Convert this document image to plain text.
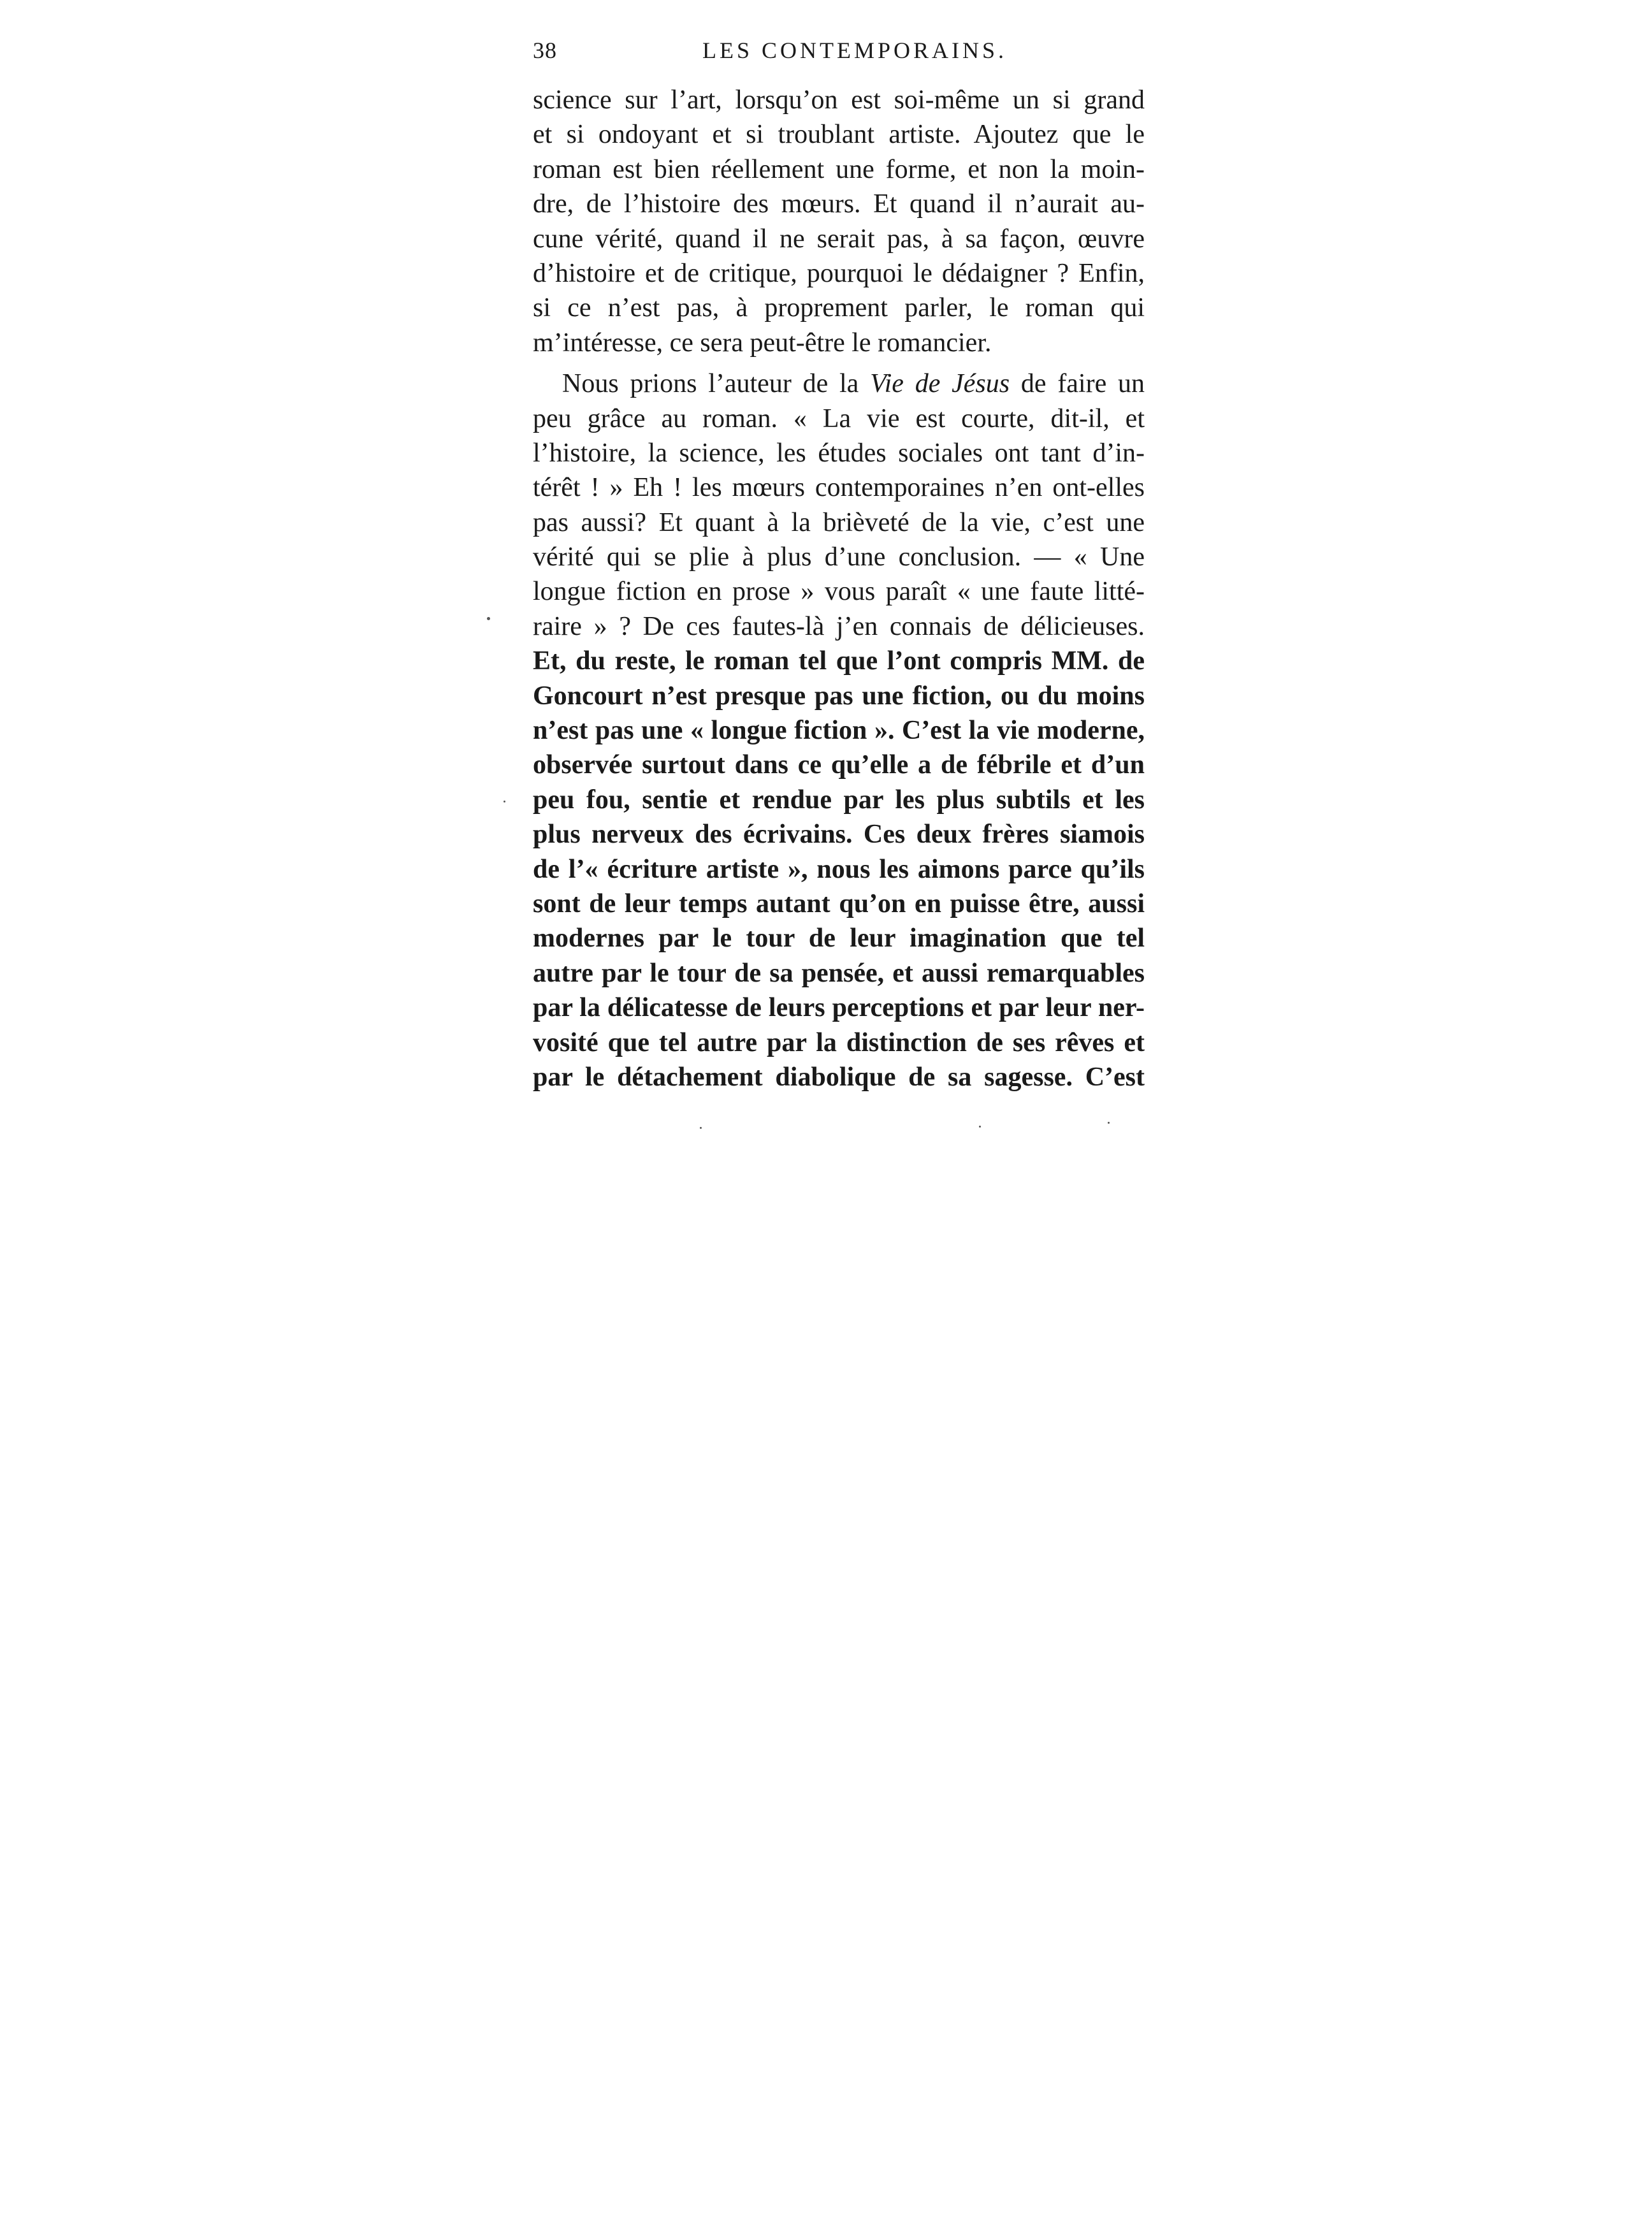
38	LES CONTEMPORAINS.
science sur l’art, lorsqu’on est soi-même un si grand
et si ondoyant et si troublant artiste. Ajoutez que le
roman est bien réellement une forme, et non la moin-
dre, de l’histoire des mœurs. Et quand il n’aurait au-
cune vérité, quand il ne serait pas, à sa façon, œuvre
d’histoire et de critique, pourquoi le dédaigner ? Enfin,
si ce n’est pas, à proprement parler, le roman qui
m’intéresse, ce sera peut-être le romancier.
Nous prions l’auteur de la Vie de Jésus de faire un
peu grâce au roman. « La vie est courte, dit-il, et
l’histoire, la science, les études sociales ont tant d’in-
térêt ! » Eh ! les mœurs contemporaines n’en ont-elles
pas aussi? Et quant à la brièveté de la vie, c’est une
vérité qui se plie à plus d’une conclusion. — « Une
longue fiction en prose » vous paraît « une faute litté-
raire » ? De ces fautes-là j’en connais de délicieuses.
Et, du reste, le roman tel que l’ont compris MM. de
Goncourt n’est presque pas une fiction, ou du moins
n’est pas une « longue fiction ». C’est la vie moderne,
observée surtout dans ce qu’elle a de fébrile et d’un
peu fou, sentie et rendue par les plus subtils et les
plus nerveux des écrivains. Ces deux frères siamois
de l’« écriture artiste », nous les aimons parce qu’ils
sont de leur temps autant qu’on en puisse être, aussi
modernes par le tour de leur imagination que tel
autre par le tour de sa pensée, et aussi remarquables
par la délicatesse de leurs perceptions et par leur ner-
vosité que tel autre par la distinction de ses rêves et
par le détachement diabolique de sa sagesse. C’est
